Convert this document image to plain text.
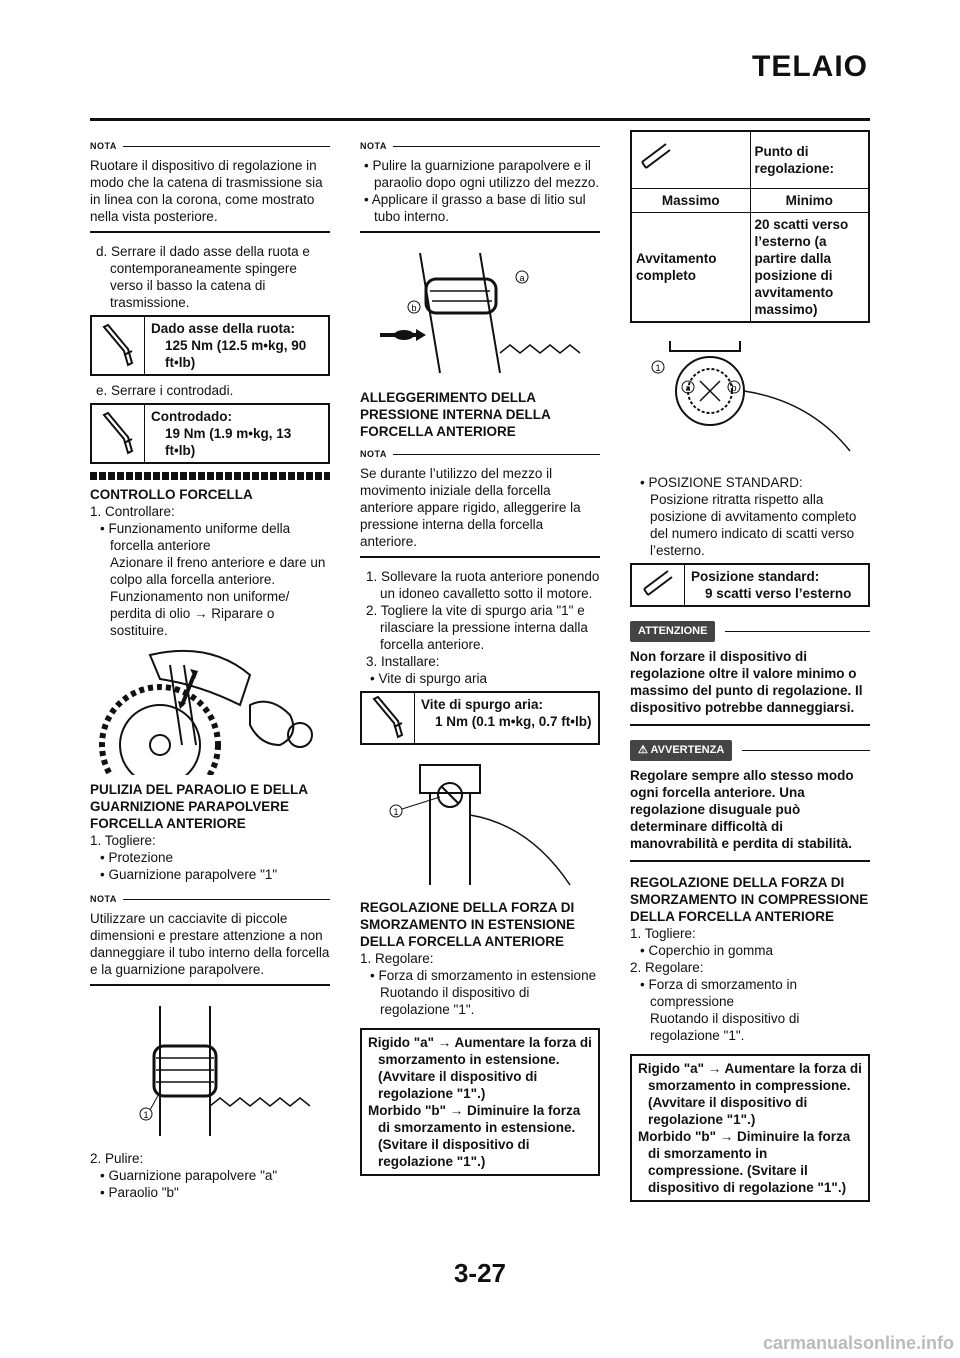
TELAIO
NOTA

Ruotare il dispositivo di regolazione in modo che la catena di trasmissione sia in linea con la corona, come mostrato nella vista posteriore.

d. Serrare il dado asse della ruota e contemporaneamente spingere verso il basso la catena di trasmissione.

Dado asse della ruota:
125 Nm (12.5 m•kg, 90 ft•lb)

e. Serrare i controdadi.

Controdado:
19 Nm (1.9 m•kg, 13 ft•lb)

CONTROLLO FORCELLA

1. Controllare:

• Funzionamento uniforme della forcella anteriore

Azionare il freno anteriore e dare un colpo alla forcella anteriore.

Funzionamento non uniforme/ perdita di olio → Riparare o sostituire.

PULIZIA DEL PARAOLIO E DELLA GUARNIZIONE PARAPOLVERE FORCELLA ANTERIORE

1. Togliere:

• Protezione

• Guarnizione parapolvere "1"

NOTA

Utilizzare un cacciavite di piccole dimensioni e prestare attenzione a non danneggiare il tubo interno della forcella e la guarnizione parapolvere.

1

2. Pulire:

• Guarnizione parapolvere "a"

• Paraolio "b"

NOTA

• Pulire la guarnizione parapolvere e il paraolio dopo ogni utilizzo del mezzo.

• Applicare il grasso a base di litio sul tubo interno.

a
b

ALLEGGERIMENTO DELLA PRESSIONE INTERNA DELLA FORCELLA ANTERIORE

NOTA

Se durante l’utilizzo del mezzo il movimento iniziale della forcella anteriore appare rigido, alleggerire la pressione interna della forcella anteriore.

1. Sollevare la ruota anteriore ponendo un idoneo cavalletto sotto il motore.

2. Togliere la vite di spurgo aria "1" e rilasciare la pressione interna dalla forcella anteriore.

3. Installare:

• Vite di spurgo aria

Vite di spurgo aria:
1 Nm (0.1 m•kg, 0.7 ft•lb)
1

REGOLAZIONE DELLA FORZA DI SMORZAMENTO IN ESTENSIONE DELLA FORCELLA ANTERIORE

1. Regolare:

• Forza di smorzamento in estensione

Ruotando il dispositivo di regolazione "1".

Rigido "a" → Aumentare la forza di smorzamento in estensione. (Avvitare il dispositivo di regolazione "1".)

Morbido "b" → Diminuire la forza di smorzamento in estensione. (Svitare il dispositivo di regolazione "1".)

	Punto di regolazione:
Massimo	Minimo
Avvitamento completo	20 scatti verso l’esterno (a partire dalla posizione di avvitamento massimo)
1
a	b

• POSIZIONE STANDARD:

Posizione ritratta rispetto alla posizione di avvitamento completo del numero indicato di scatti verso l’esterno.

Posizione standard:
9 scatti verso l’esterno
ATTENZIONE

Non forzare il dispositivo di regolazione oltre il valore minimo o massimo del punto di regolazione. Il dispositivo potrebbe danneggiarsi.

⚠ AVVERTENZA

Regolare sempre allo stesso modo ogni forcella anteriore. Una regolazione disuguale può determinare difficoltà di manovrabilità e perdita di stabilità.

REGOLAZIONE DELLA FORZA DI SMORZAMENTO IN COMPRESSIONE DELLA FORCELLA ANTERIORE

1. Togliere:

• Coperchio in gomma

2. Regolare:

• Forza di smorzamento in compressione

Ruotando il dispositivo di regolazione "1".

Rigido "a" → Aumentare la forza di smorzamento in compressione. (Avvitare il dispositivo di regolazione "1".)

Morbido "b" → Diminuire la forza di smorzamento in compressione. (Svitare il dispositivo di regolazione "1".)

3-27
carmanualsonline.info
